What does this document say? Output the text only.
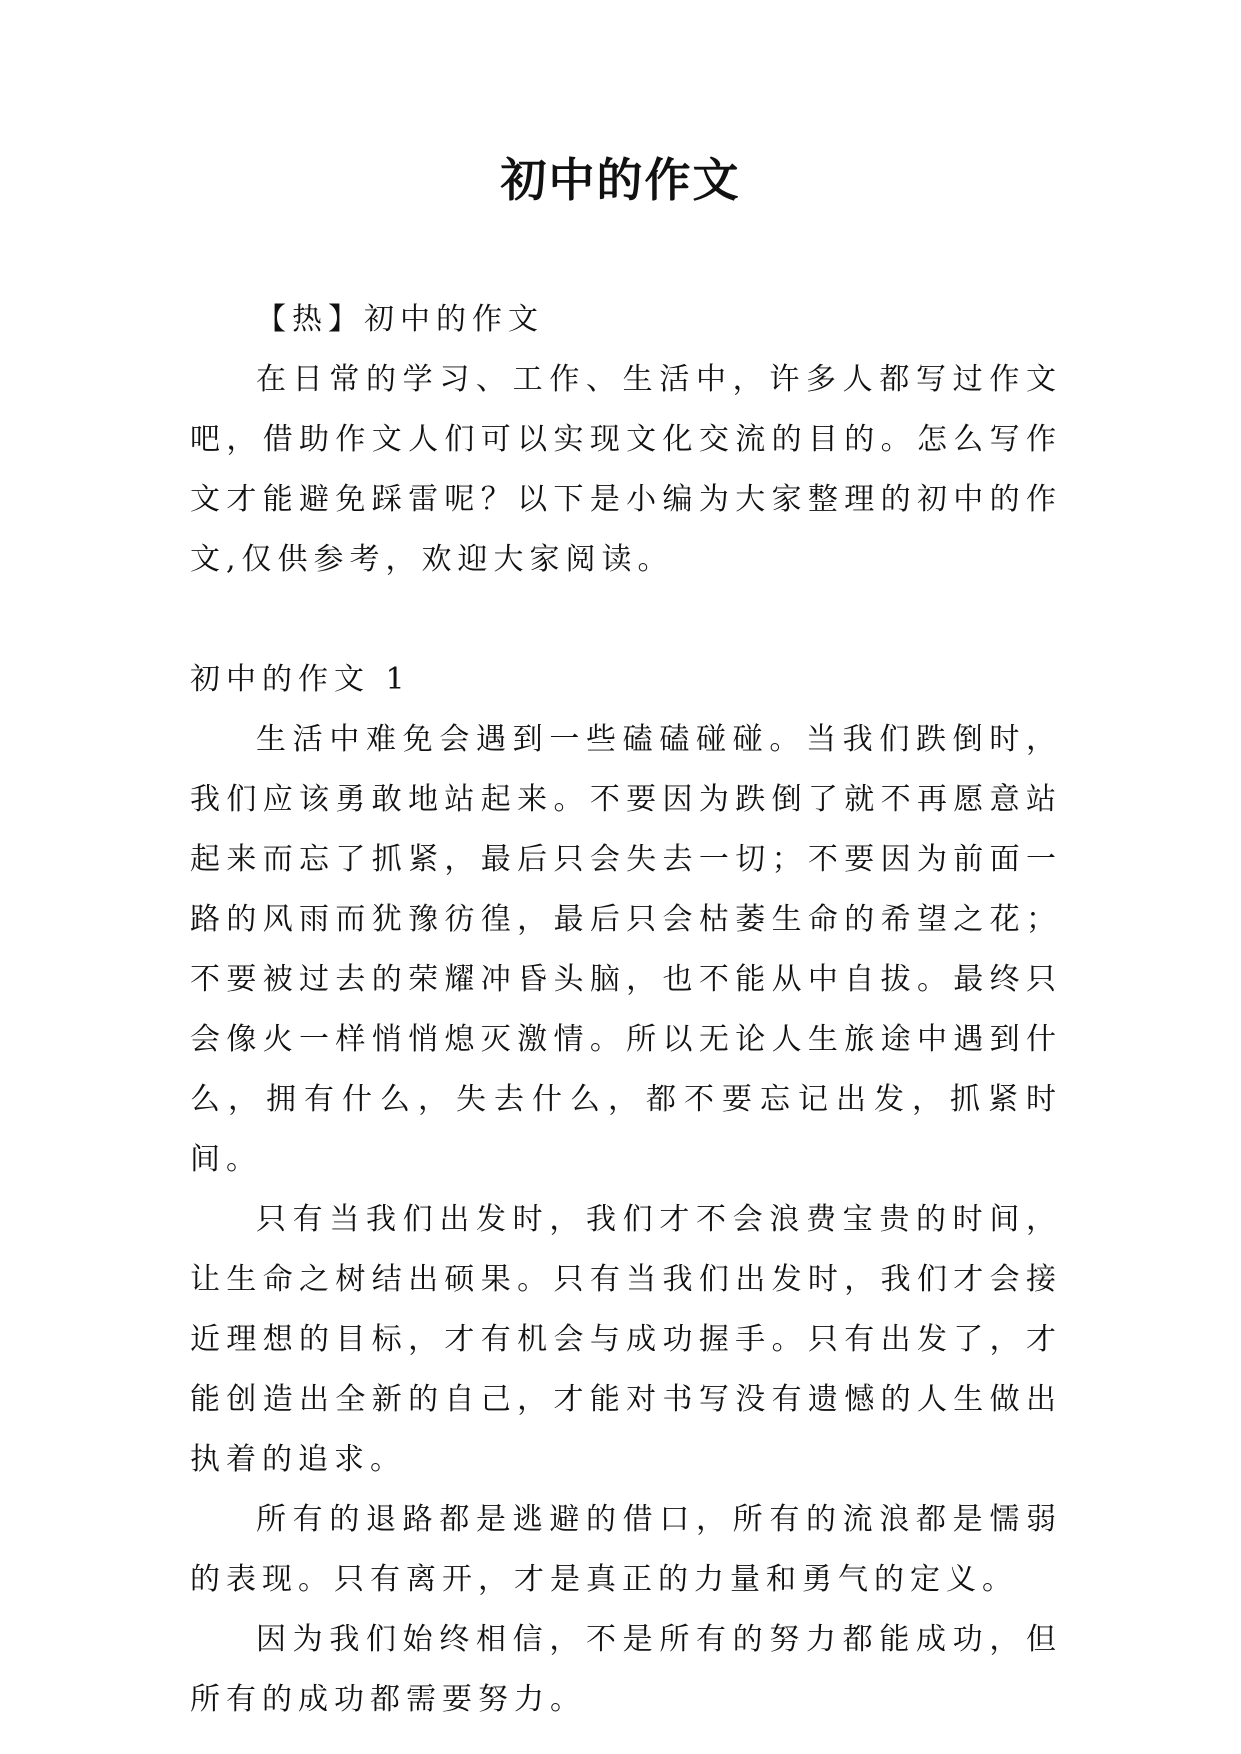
初中的作文

【热】初中的作文

在日常的学习、工作、生活中，许多人都写过作文吧，借助作文人们可以实现文化交流的目的。怎么写作文才能避免踩雷呢？以下是小编为大家整理的初中的作文,仅供参考，欢迎大家阅读。

初中的作文 1

生活中难免会遇到一些磕磕碰碰。当我们跌倒时，我们应该勇敢地站起来。不要因为跌倒了就不再愿意站起来而忘了抓紧，最后只会失去一切；不要因为前面一路的风雨而犹豫彷徨，最后只会枯萎生命的希望之花；不要被过去的荣耀冲昏头脑，也不能从中自拔。最终只会像火一样悄悄熄灭激情。所以无论人生旅途中遇到什么，拥有什么，失去什么，都不要忘记出发，抓紧时间。

只有当我们出发时，我们才不会浪费宝贵的时间，让生命之树结出硕果。只有当我们出发时，我们才会接近理想的目标，才有机会与成功握手。只有出发了，才能创造出全新的自己，才能对书写没有遗憾的人生做出执着的追求。

所有的退路都是逃避的借口，所有的流浪都是懦弱的表现。只有离开，才是真正的力量和勇气的定义。

因为我们始终相信，不是所有的努力都能成功，但所有的成功都需要努力。
